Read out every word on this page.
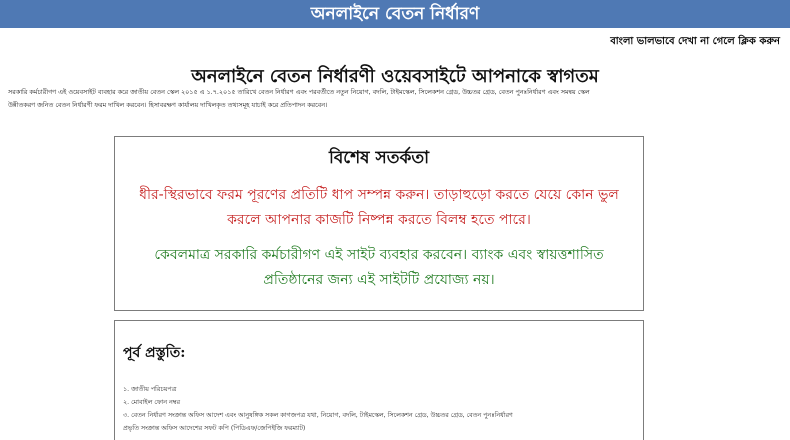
অনলাইনে বেতন নির্ধারণ
বাংলা ভালভাবে দেখা না গেলে ক্লিক করুন
অনলাইনে বেতন নির্ধারণী ওয়েবসাইটে আপনাকে স্বাগতম
সরকারি কর্মচারীগণ এই ওয়েবসাইট ব্যবহার করে জাতীয় বেতন স্কেল ২০১৫ এ ১.৭.২০১৫ তারিখে বেতন নির্ধারণ এবং পরবর্তীতে নতুন নিয়োগ, বদলি, টাইমস্কেল, সিলেকশন গ্রেড, উচ্চতর গ্রেড, বেতন পুনঃনির্ধারণ এবং সমন্বয় স্কেল
উন্নীতকরণ জনিত বেতন নির্ধারণী ফরম দাখিল করবেন। হিসাবরক্ষণ কার্যালয় দাখিলকৃত তথ্যসমূহ যাচাই করে প্রতিপাদন করবেন।
বিশেষ সতর্কতা
ধীর-স্থিরভাবে ফরম পূরণের প্রতিটি ধাপ সম্পন্ন করুন। তাড়াহুড়ো করতে যেয়ে কোন ভুল করলে আপনার কাজটি নিষ্পন্ন করতে বিলম্ব হতে পারে।
কেবলমাত্র সরকারি কর্মচারীগণ এই সাইট ব্যবহার করবেন। ব্যাংক এবং স্বায়ত্তশাসিত প্রতিষ্ঠানের জন্য এই সাইটটি প্রযোজ্য নয়।
পূর্ব প্রস্তুতি:
১. জাতীয় পরিচয়পত্র
২. মোবাইল ফোন নম্বর
৩. বেতন নির্ধারণ সংক্রান্ত অফিস আদেশ এবং আনুষঙ্গিক সকল কাগজপত্র যথা, নিয়োগ, বদলি, টাইমস্কেল, সিলেকশন গ্রেড, উচ্চতর গ্রেড, বেতন পুনঃনির্ধারণ
প্রভৃতি সংক্রান্ত অফিস আদেশের সফট কপি (পিডিএফ/জেপিইজি ফরম্যাট)
